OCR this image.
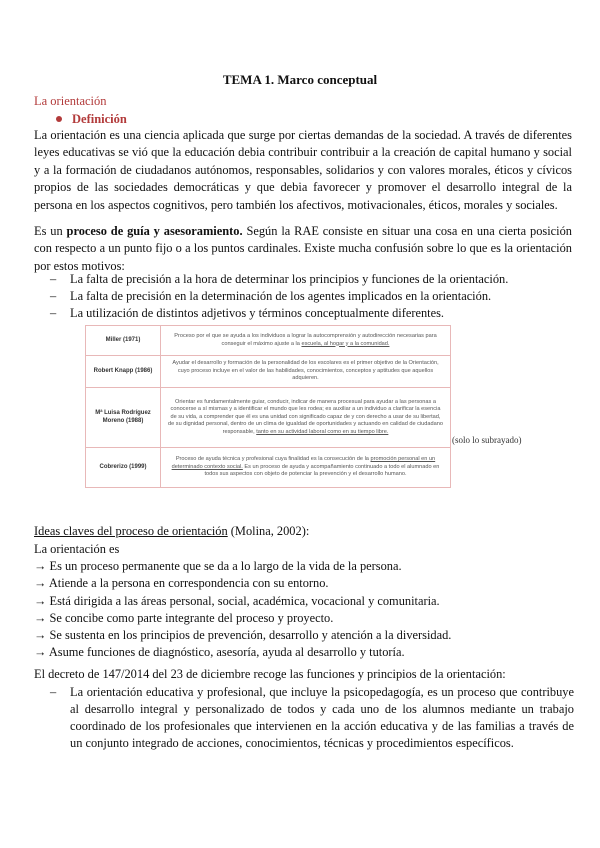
TEMA 1. Marco conceptual

La orientación

Definición

La orientación es una ciencia aplicada que surge por ciertas demandas de la sociedad. A través de diferentes leyes educativas se vió que la educación debia contribuir contribuir a la creación de capital humano y social y a la formación de ciudadanos autónomos, responsables, solidarios y con valores morales, éticos y cívicos propios de las sociedades democráticas y que debia favorecer y promover el desarrollo integral de la persona en los aspectos cognitivos, pero también los afectivos, motivacionales, éticos, morales y sociales.

Es un proceso de guía y asesoramiento. Según la RAE consiste en situar una cosa en una cierta posición con respecto a un punto fijo o a los puntos cardinales. Existe mucha confusión sobre lo que es la orientación por estos motivos:

– La falta de precisión a la hora de determinar los principios y funciones de la orientación.
– La falta de precisión en la determinación de los agentes implicados en la orientación.
– La utilización de distintos adjetivos y términos conceptualmente diferentes.
Miller (1971)	Proceso por el que se ayuda a los individuos a lograr la autocomprensión y autodirección necesarias para conseguir el máximo ajuste a la escuela, al hogar y a la comunidad.
Robert Knapp (1986)	Ayudar el desarrollo y formación de la personalidad de los escolares es el primer objetivo de la Orientación, cuyo proceso incluye en el valor de las habilidades, conocimientos, conceptos y aptitudes que aquellos adquieren.
Mª Luisa Rodríguez Moreno (1988)	Orientar es fundamentalmente guiar, conducir, indicar de manera procesual para ayudar a las personas a conocerse a sí mismas y a identificar el mundo que les rodea; es auxiliar a un individuo a clarificar la esencia de su vida, a comprender que él es una unidad con significado capaz de y con derecho a usar de su libertad, de su dignidad personal, dentro de un clima de igualdad de oportunidades y actuando en calidad de ciudadano responsable, tanto en su actividad laboral como en su tiempo libre.
Cobrerizo (1999)	Proceso de ayuda técnica y profesional cuya finalidad es la consecución de la promoción personal en un determinado contexto social. Es un proceso de ayuda y acompañamiento continuado a todo el alumnado en todos sus aspectos con objeto de potenciar la prevención y el desarrollo humano.

(solo lo subrayado)

Ideas claves del proceso de orientación (Molina, 2002):

La orientación es

→ Es un proceso permanente que se da a lo largo de la vida de la persona.
→ Atiende a la persona en correspondencia con su entorno.
→ Está dirigida a las áreas personal, social, académica, vocacional y comunitaria.
→ Se concibe como parte integrante del proceso y proyecto.
→ Se sustenta en los principios de prevención, desarrollo y atención a la diversidad.
→ Asume funciones de diagnóstico, asesoría, ayuda al desarrollo y tutoría.

El decreto de 147/2014 del 23 de diciembre recoge las funciones y principios de la orientación:

– La orientación educativa y profesional, que incluye la psicopedagogía, es un proceso que contribuye al desarrollo integral y personalizado de todos y cada uno de los alumnos mediante un trabajo coordinado de los profesionales que intervienen en la acción educativa y de las familias a través de un conjunto integrado de acciones, conocimientos, técnicas y procedimientos específicos.
